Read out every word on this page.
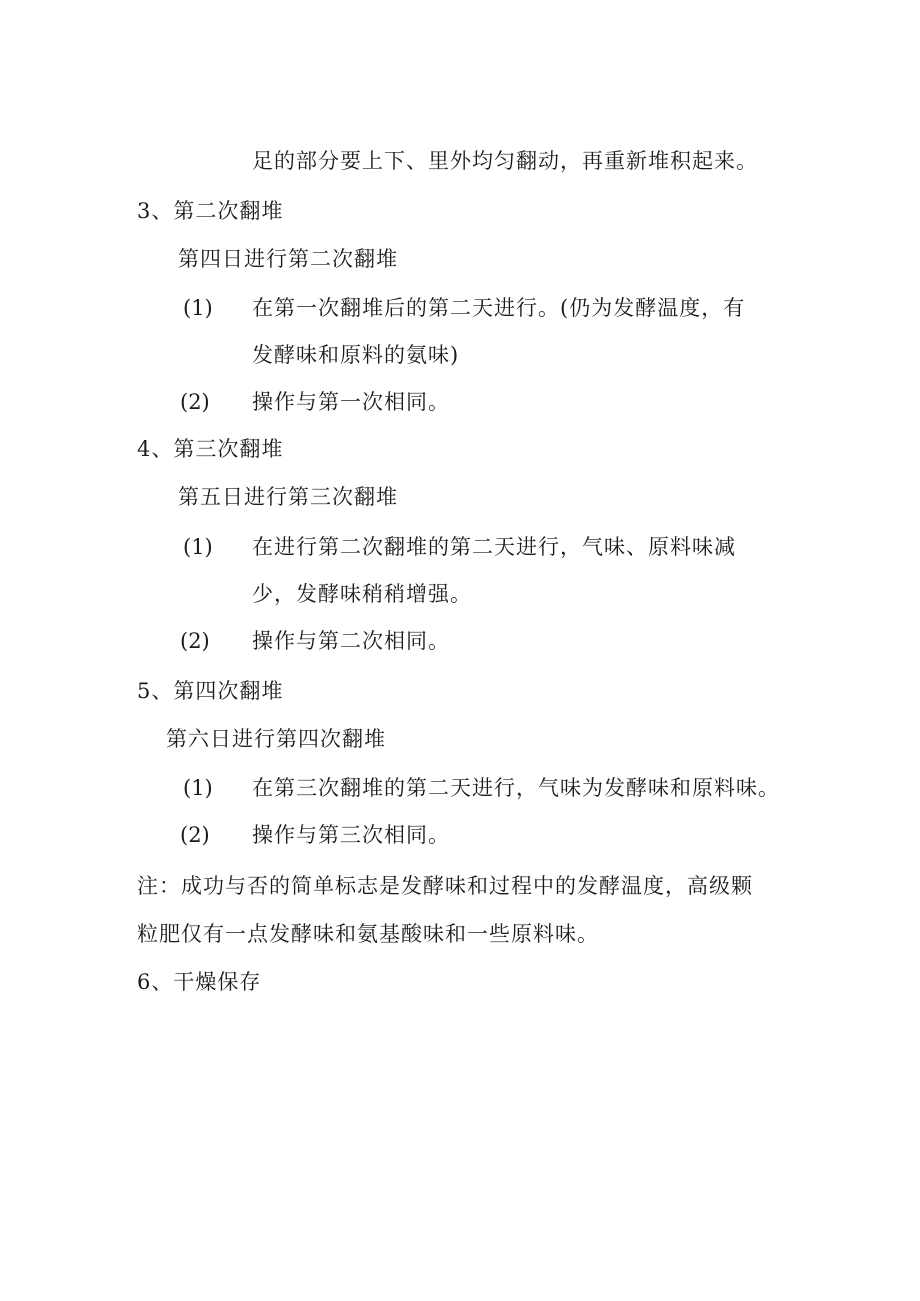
足的部分要上下、里外均匀翻动，再重新堆积起来。
3、第二次翻堆
第四日进行第二次翻堆
(1) 在第一次翻堆后的第二天进行。(仍为发酵温度，有
发酵味和原料的氨味)
(2) 操作与第一次相同。
4、第三次翻堆
第五日进行第三次翻堆
(1) 在进行第二次翻堆的第二天进行，气味、原料味减
少，发酵味稍稍增强。
(2) 操作与第二次相同。
5、第四次翻堆
第六日进行第四次翻堆
(1) 在第三次翻堆的第二天进行，气味为发酵味和原料味。
(2) 操作与第三次相同。
注：成功与否的简单标志是发酵味和过程中的发酵温度，高级颗
粒肥仅有一点发酵味和氨基酸味和一些原料味。
6、干燥保存
